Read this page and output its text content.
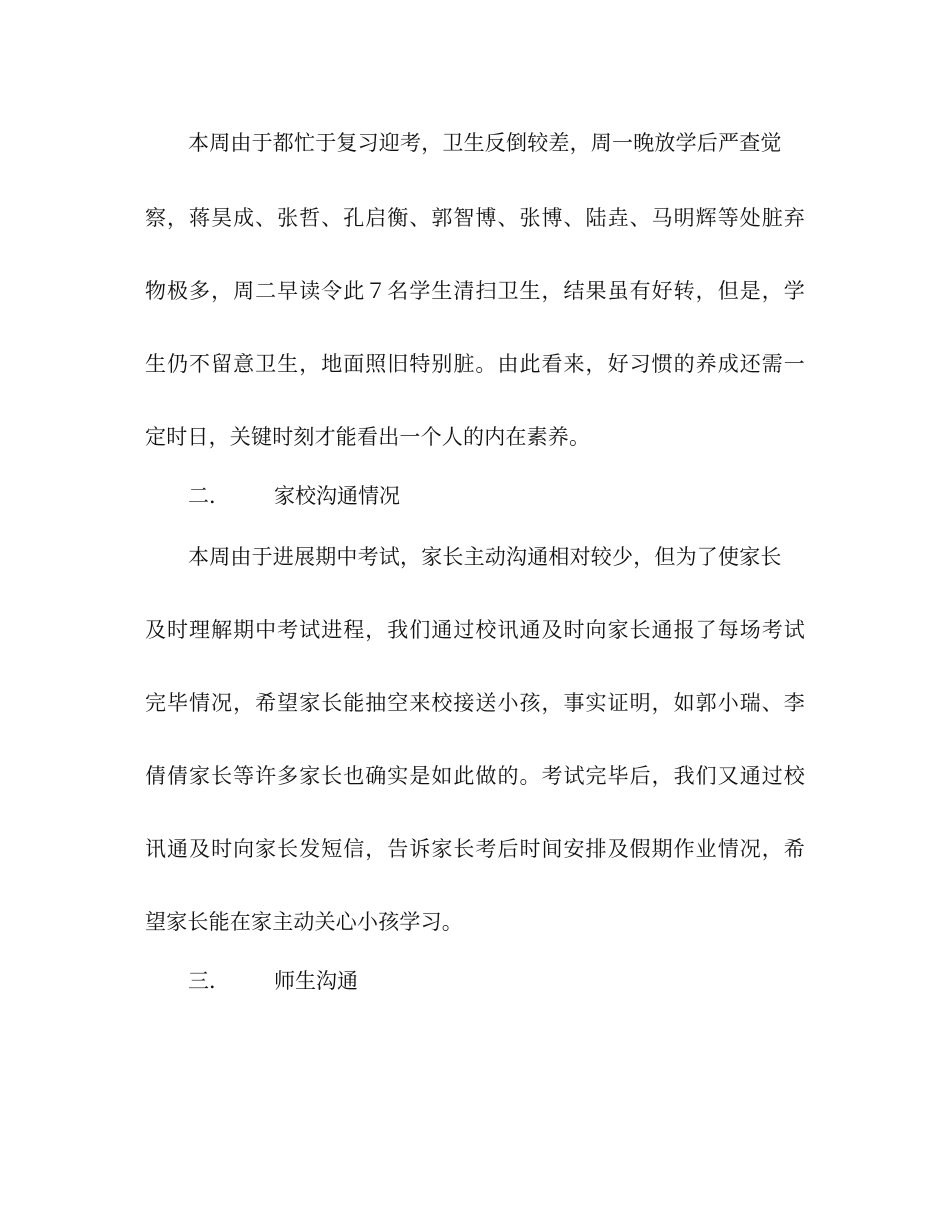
本周由于都忙于复习迎考，卫生反倒较差，周一晚放学后严查觉
察，蒋昊成、张哲、孔启衡、郭智博、张博、陆垚、马明辉等处脏弃
物极多，周二早读令此７名学生清扫卫生，结果虽有好转，但是，学
生仍不留意卫生，地面照旧特别脏。由此看来，好习惯的养成还需一
定时日，关键时刻才能看出一个人的内在素养。
二． 家校沟通情况
本周由于进展期中考试，家长主动沟通相对较少，但为了使家长
及时理解期中考试进程，我们通过校讯通及时向家长通报了每场考试
完毕情况，希望家长能抽空来校接送小孩，事实证明，如郭小瑞、李
倩倩家长等许多家长也确实是如此做的。考试完毕后，我们又通过校
讯通及时向家长发短信，告诉家长考后时间安排及假期作业情况，希
望家长能在家主动关心小孩学习。
三． 师生沟通
